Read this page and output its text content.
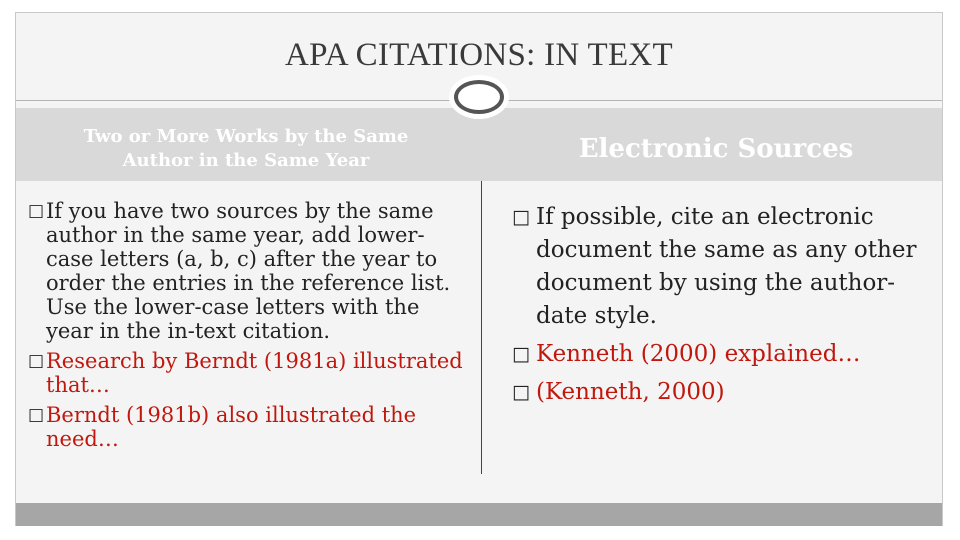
APA CITATIONS: IN TEXT
Two or More Works by the Same Author in the Same Year	Electronic Sources
□ If you have two sources by the same author in the same year, add lower-case letters (a, b, c) after the year to order the entries in the reference list. Use the lower-case letters with the year in the in-text citation.
□ Research by Berndt (1981a) illustrated that…
□ Berndt (1981b) also illustrated the need…
□ If possible, cite an electronic document the same as any other document by using the author-date style.
□ Kenneth (2000) explained…
□ (Kenneth, 2000)
